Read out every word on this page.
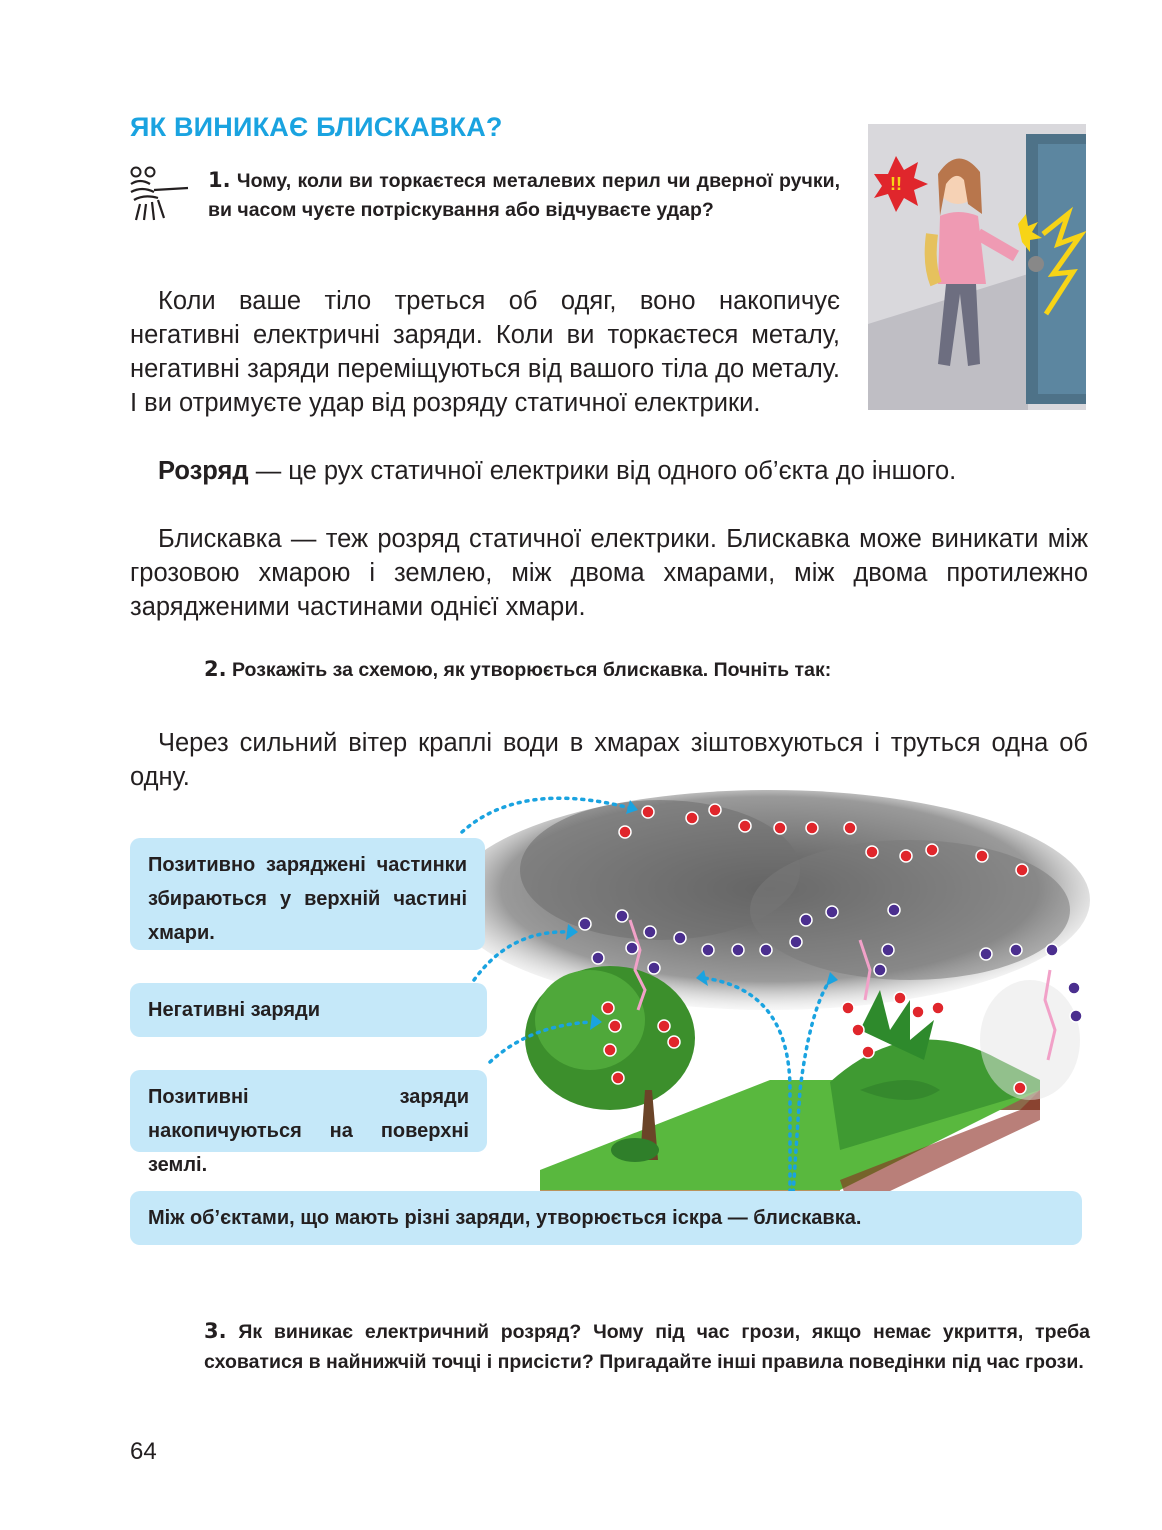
ЯК ВИНИКАЄ БЛИСКАВКА?
1. Чому, коли ви торкаєтеся металевих перил чи дверної ручки, ви часом чуєте потріскування або відчуваєте удар?
!!
Коли ваше тіло треться об одяг, воно накопичує негативні електричні заряди. Коли ви торкаєтеся металу, негативні заряди переміщуються від вашого тіла до металу. І ви отримуєте удар від розряду статичної електрики.
Розряд — це рух статичної електрики від одного об’єкта до іншого.
Блискавка — теж розряд статичної електрики. Блискавка може виникати між грозовою хмарою і землею, між двома хмарами, між двома протилежно зарядженими частинами однієї хмари.
2. Розкажіть за схемою, як утворюється блискавка. Почніть так:
Через сильний вітер краплі води в хмарах зіштовхуються і труться одна об одну.
Позитивно заряджені частинки збираються у верхній частині хмари.
Негативні заряди
Позитивні заряди накопичуються на поверхні землі.
Між об’єктами, що мають різні заряди, утворюється іскра — блискавка.
3. Як виникає електричний розряд? Чому під час грози, якщо немає укриття, треба сховатися в найнижчій точці і присісти? Пригадайте інші правила поведінки під час грози.
64
